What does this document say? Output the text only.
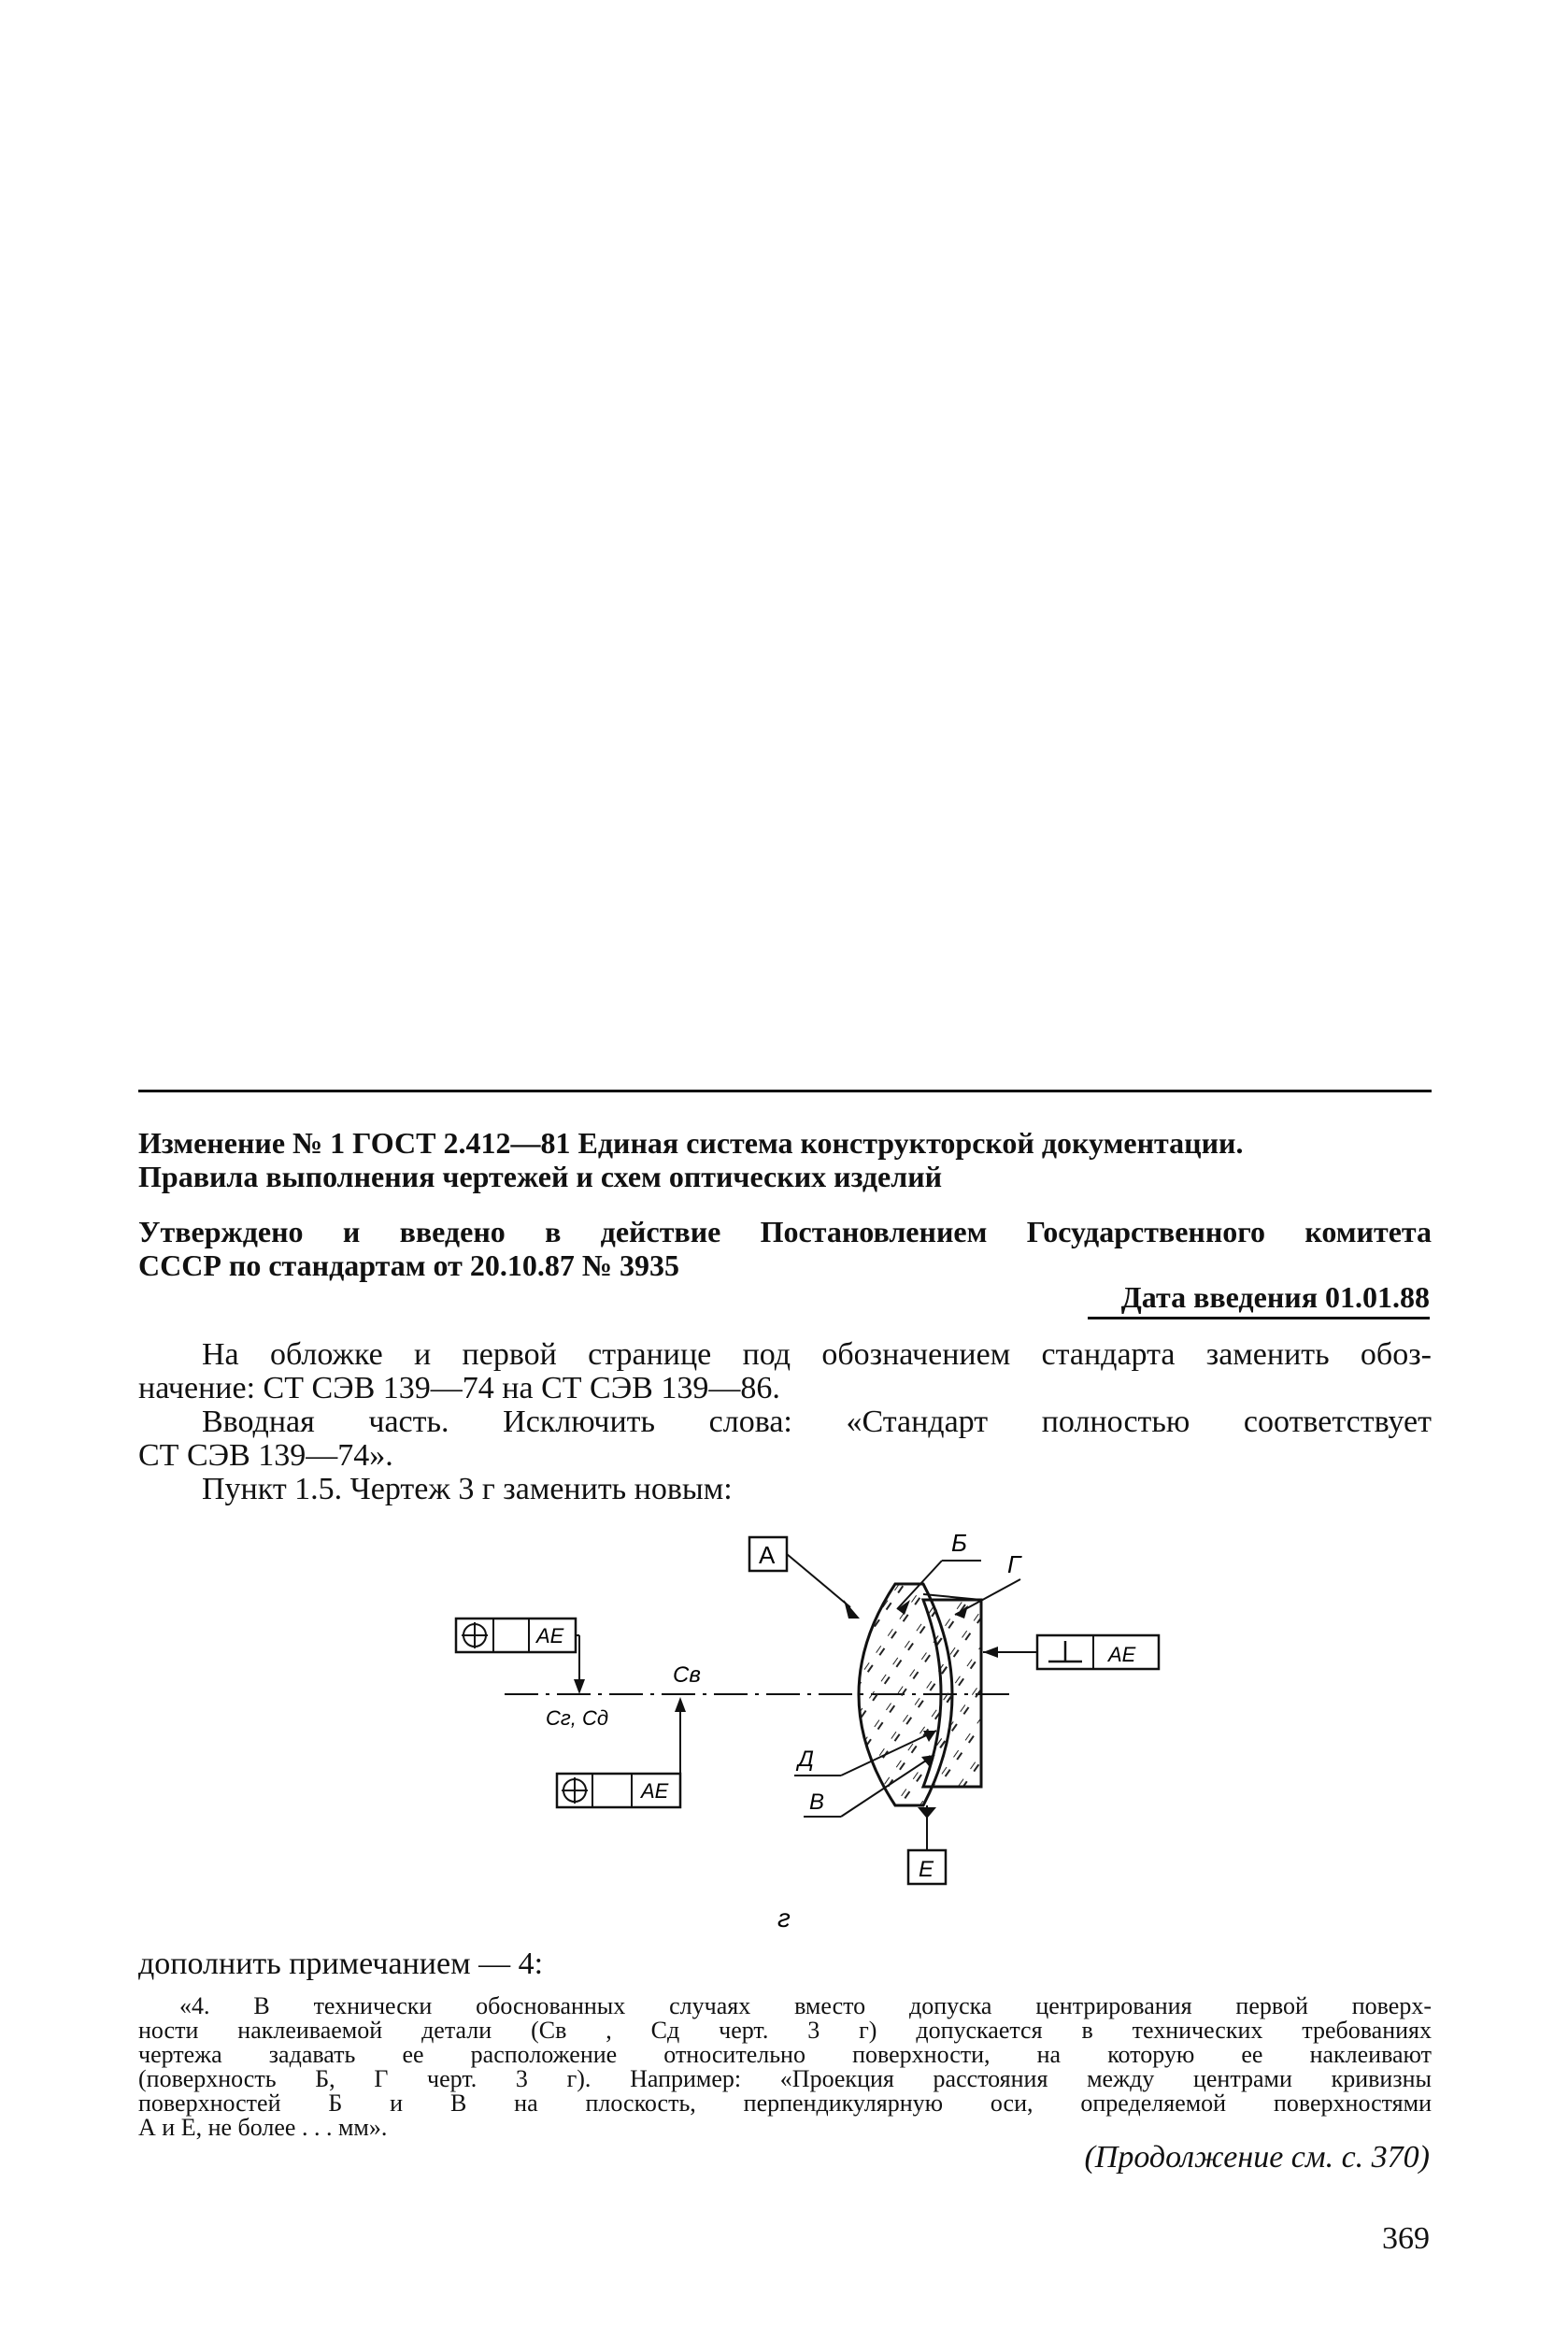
Изменение № 1 ГОСТ 2.412—81 Единая система конструкторской документации.
Правила выполнения чертежей и схем оптических изделий
Утверждено и введено в действие Постановлением Государственного комитета
СССР по стандартам от 20.10.87 № 3935
Дата введения 01.01.88
На обложке и первой странице под обозначением стандарта заменить обоз-
начение: СТ СЭВ 139—74 на СТ СЭВ 139—86.
Вводная часть. Исключить слова: «Стандарт полностью соответствует
СТ СЭВ 139—74».
Пункт 1.5. Чертеж 3 г заменить новым:
А	Б
Г
AE
AE
Cв
Cг, Cд
AE
Д
В
Е
г
дополнить примечанием — 4:
«4. В технически обоснованных случаях вместо допуска центрирования первой поверх-
ности наклеиваемой детали (Cв , Cд черт. 3 г) допускается в технических требованиях
чертежа задавать ее расположение относительно поверхности, на которую ее наклеивают
(поверхность Б, Г черт. 3 г). Например: «Проекция расстояния между центрами кривизны
поверхностей Б и В на плоскость, перпендикулярную оси, определяемой поверхностями
А и Е, не более . . . мм».
(Продолжение см. с. 370)
369
